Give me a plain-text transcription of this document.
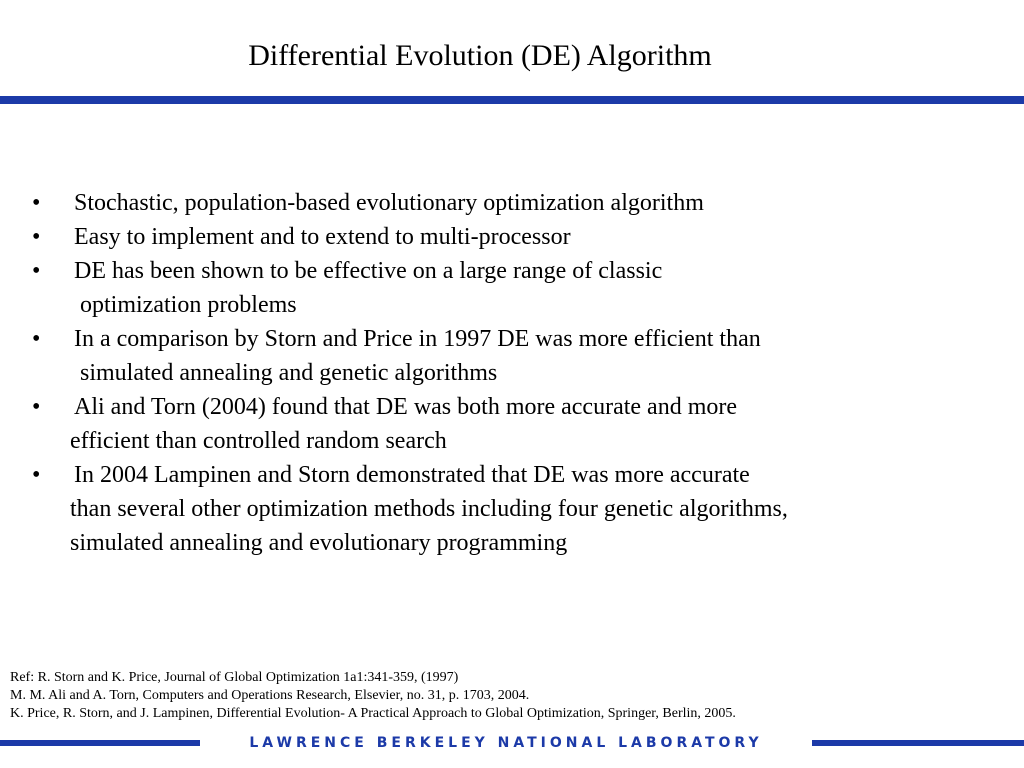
Differential Evolution (DE) Algorithm
•	Stochastic, population-based evolutionary optimization algorithm
•	Easy to implement and to extend to multi-processor
•	DE has been shown to be effective on a large range of classic
optimization problems
•	In a comparison by Storn and Price in 1997 DE was more efficient than
simulated annealing and genetic algorithms
•	Ali and Torn (2004) found that DE was both more accurate and more
efficient than controlled random search
•	In 2004 Lampinen and Storn demonstrated that DE was more accurate
than several other optimization methods including four genetic algorithms,
simulated annealing and evolutionary programming
Ref: R. Storn and K. Price, Journal of Global Optimization 1a1:341-359, (1997)
M. M. Ali and A. Torn, Computers and Operations Research, Elsevier, no. 31, p. 1703, 2004.
K. Price, R. Storn, and J. Lampinen, Differential Evolution- A Practical Approach to Global Optimization, Springer, Berlin, 2005.
LAWRENCE BERKELEY NATIONAL LABORATORY
